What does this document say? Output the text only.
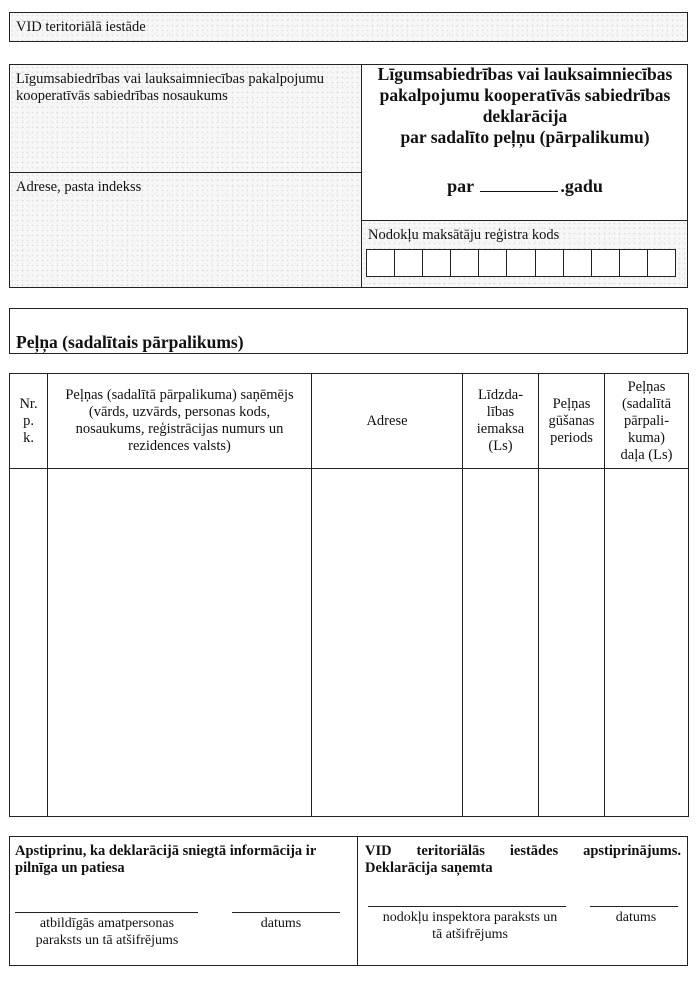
VID teritoriālā iestāde
Līgumsabiedrības vai lauksaimniecības pakalpojumu kooperatīvās sabiedrības nosaukums
Adrese, pasta indekss
Līgumsabiedrības vai lauksaimniecības
pakalpojumu kooperatīvās sabiedrības
deklarācija
par sadalīto peļņu (pārpalikumu)
par	.gadu
Nodokļu maksātāju reģistra kods
Peļņa (sadalītais pārpalikums)
Nr. p. k.	Peļņas (sadalītā pārpalikuma) saņēmējs (vārds, uzvārds, personas kods, nosaukums, reģistrācijas numurs un rezidences valsts)	Adrese	Līdzda-lības iemaksa (Ls)	Peļņas gūšanas periods	Peļņas (sadalītā pārpali-kuma) daļa (Ls)

Apstiprinu, ka deklarācijā sniegtā informācija ir pilnīga un patiesa
atbildīgās amatpersonas paraksts un tā atšifrējums
datums
VID teritoriālās iestādes apstiprinājums. Deklarācija saņemta
nodokļu inspektora paraksts un tā atšifrējums
datums
